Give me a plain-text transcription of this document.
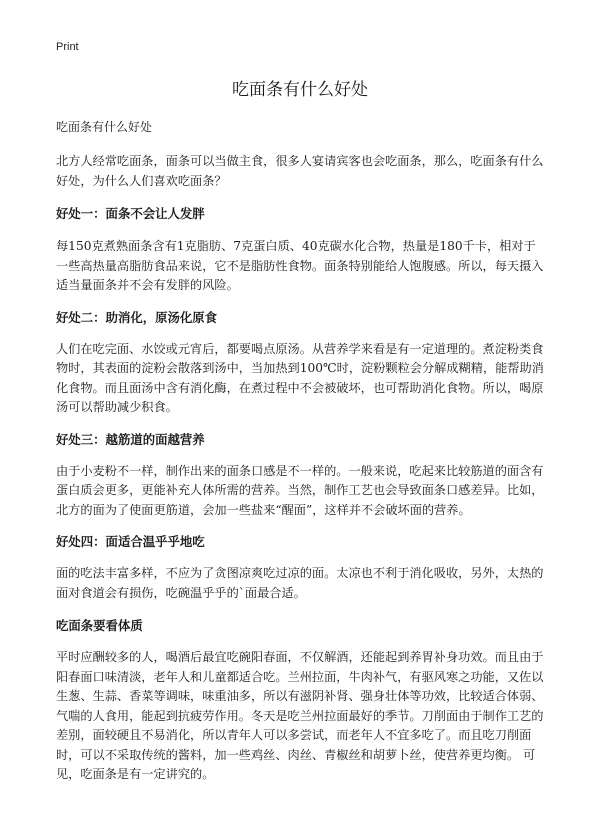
Print
吃面条有什么好处
吃面条有什么好处

北方人经常吃面条，面条可以当做主食，很多人宴请宾客也会吃面条，那么，吃面条有什么好处，为什么人们喜欢吃面条？

好处一：面条不会让人发胖

每150克煮熟面条含有1克脂肪、7克蛋白质、40克碳水化合物，热量是180千卡，相对于一些高热量高脂肪食品来说，它不是脂肪性食物。面条特别能给人饱腹感。所以，每天摄入适当量面条并不会有发胖的风险。

好处二：助消化，原汤化原食

人们在吃完面、水饺或元宵后，都要喝点原汤。从营养学来看是有一定道理的。煮淀粉类食物时，其表面的淀粉会散落到汤中，当加热到100℃时，淀粉颗粒会分解成糊精，能帮助消化食物。而且面汤中含有消化酶，在煮过程中不会被破坏，也可帮助消化食物。所以，喝原汤可以帮助减少积食。

好处三：越筋道的面越营养

由于小麦粉不一样，制作出来的面条口感是不一样的。一般来说，吃起来比较筋道的面含有蛋白质会更多，更能补充人体所需的营养。当然，制作工艺也会导致面条口感差异。比如，北方的面为了使面更筋道，会加一些盐来“醒面”，这样并不会破坏面的营养。

好处四：面适合温乎乎地吃

面的吃法丰富多样，不应为了贪图凉爽吃过凉的面。太凉也不利于消化吸收，另外，太热的面对食道会有损伤，吃碗温乎乎的`面最合适。

吃面条要看体质

平时应酬较多的人，喝酒后最宜吃碗阳春面，不仅解酒，还能起到养胃补身功效。而且由于阳春面口味清淡，老年人和儿童都适合吃。兰州拉面，牛肉补气，有驱风寒之功能，又佐以生葱、生蒜、香菜等调味，味重油多，所以有滋阴补肾、强身壮体等功效，比较适合体弱、气喘的人食用，能起到抗疲劳作用。冬天是吃兰州拉面最好的季节。刀削面由于制作工艺的差别，面较硬且不易消化，所以青年人可以多尝试，而老年人不宜多吃了。而且吃刀削面时，可以不采取传统的酱料，加一些鸡丝、肉丝、青椒丝和胡萝卜丝，使营养更均衡。 可见，吃面条是有一定讲究的。
